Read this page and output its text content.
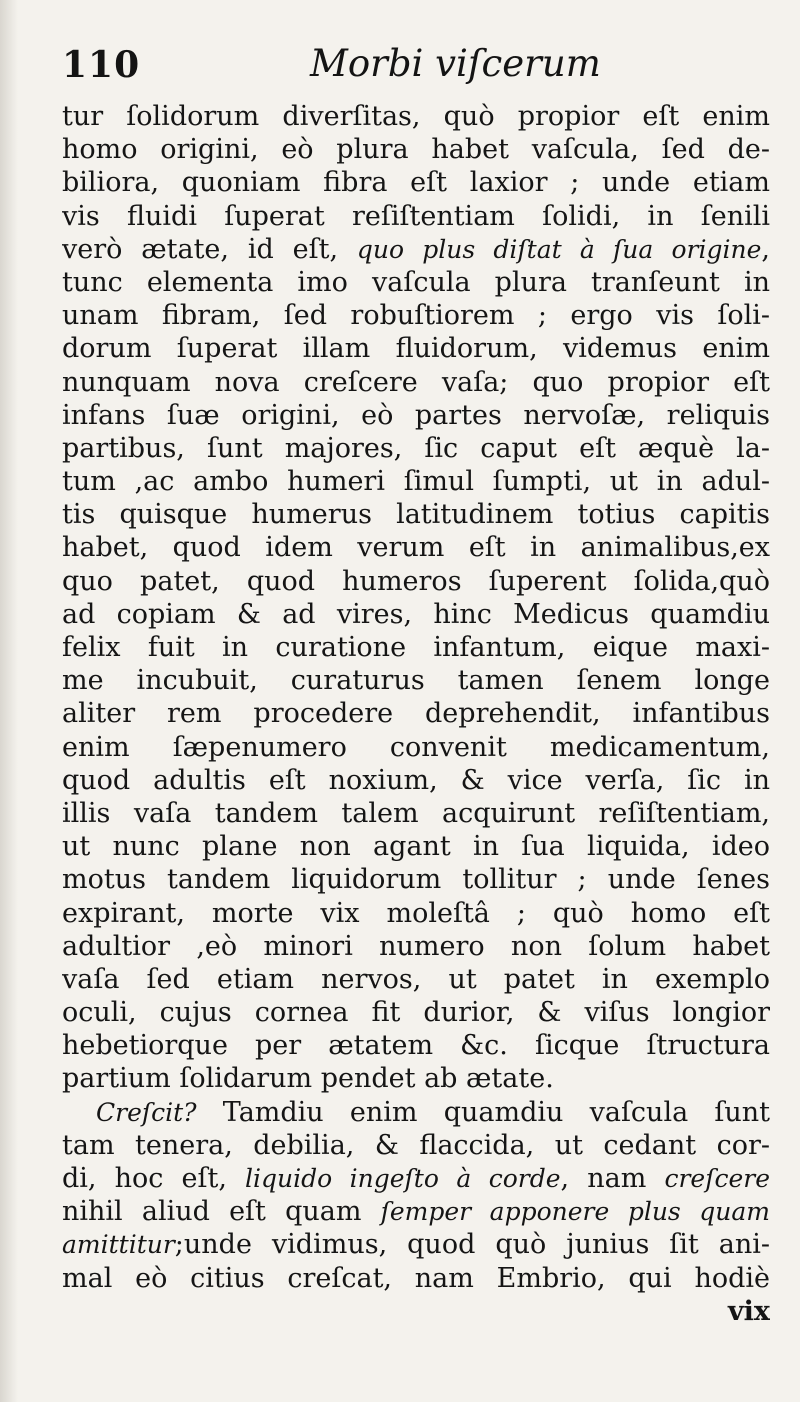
110	Morbi viſcerum
tur ſolidorum diverſitas, quò propior eſt enim
homo origini, eò plura habet vaſcula, ſed de-
biliora, quoniam fibra eſt laxior ; unde etiam
vis fluidi ſuperat reſiſtentiam ſolidi, in ſenili
verò ætate, id eſt, quo plus diſtat à ſua origine,
tunc elementa imo vaſcula plura tranſeunt in
unam fibram, ſed robuſtiorem ; ergo vis ſoli-
dorum ſuperat illam fluidorum, videmus enim
nunquam nova creſcere vaſa; quo propior eſt
infans ſuæ origini, eò partes nervoſæ, reliquis
partibus, ſunt majores, ſic caput eſt æquè la-
tum ,ac ambo humeri ſimul ſumpti, ut in adul-
tis quisque humerus latitudinem totius capitis
habet, quod idem verum eſt in animalibus,ex
quo patet, quod humeros ſuperent ſolida,quò
ad copiam & ad vires, hinc Medicus quamdiu
felix fuit in curatione infantum, eique maxi-
me incubuit, curaturus tamen ſenem longe
aliter rem procedere deprehendit, infantibus
enim ſæpenumero convenit medicamentum,
quod adultis eſt noxium, & vice verſa, ſic in
illis vaſa tandem talem acquirunt reſiſtentiam,
ut nunc plane non agant in ſua liquida, ideo
motus tandem liquidorum tollitur ; unde ſenes
expirant, morte vix moleſtâ ; quò homo eſt
adultior ,eò minori numero non ſolum habet
vaſa ſed etiam nervos, ut patet in exemplo
oculi, cujus cornea fit durior, & viſus longior
hebetiorque per ætatem &c. ſicque ſtructura
partium ſolidarum pendet ab ætate.
Creſcit? Tamdiu enim quamdiu vaſcula ſunt
tam tenera, debilia, & flaccida, ut cedant cor-
di, hoc eſt, liquido ingeſto à corde, nam creſcere
nihil aliud eſt quam ſemper apponere plus quam
amittitur;unde vidimus, quod quò junius ſit ani-
mal eò citius creſcat, nam Embrio, qui hodiè
vix
